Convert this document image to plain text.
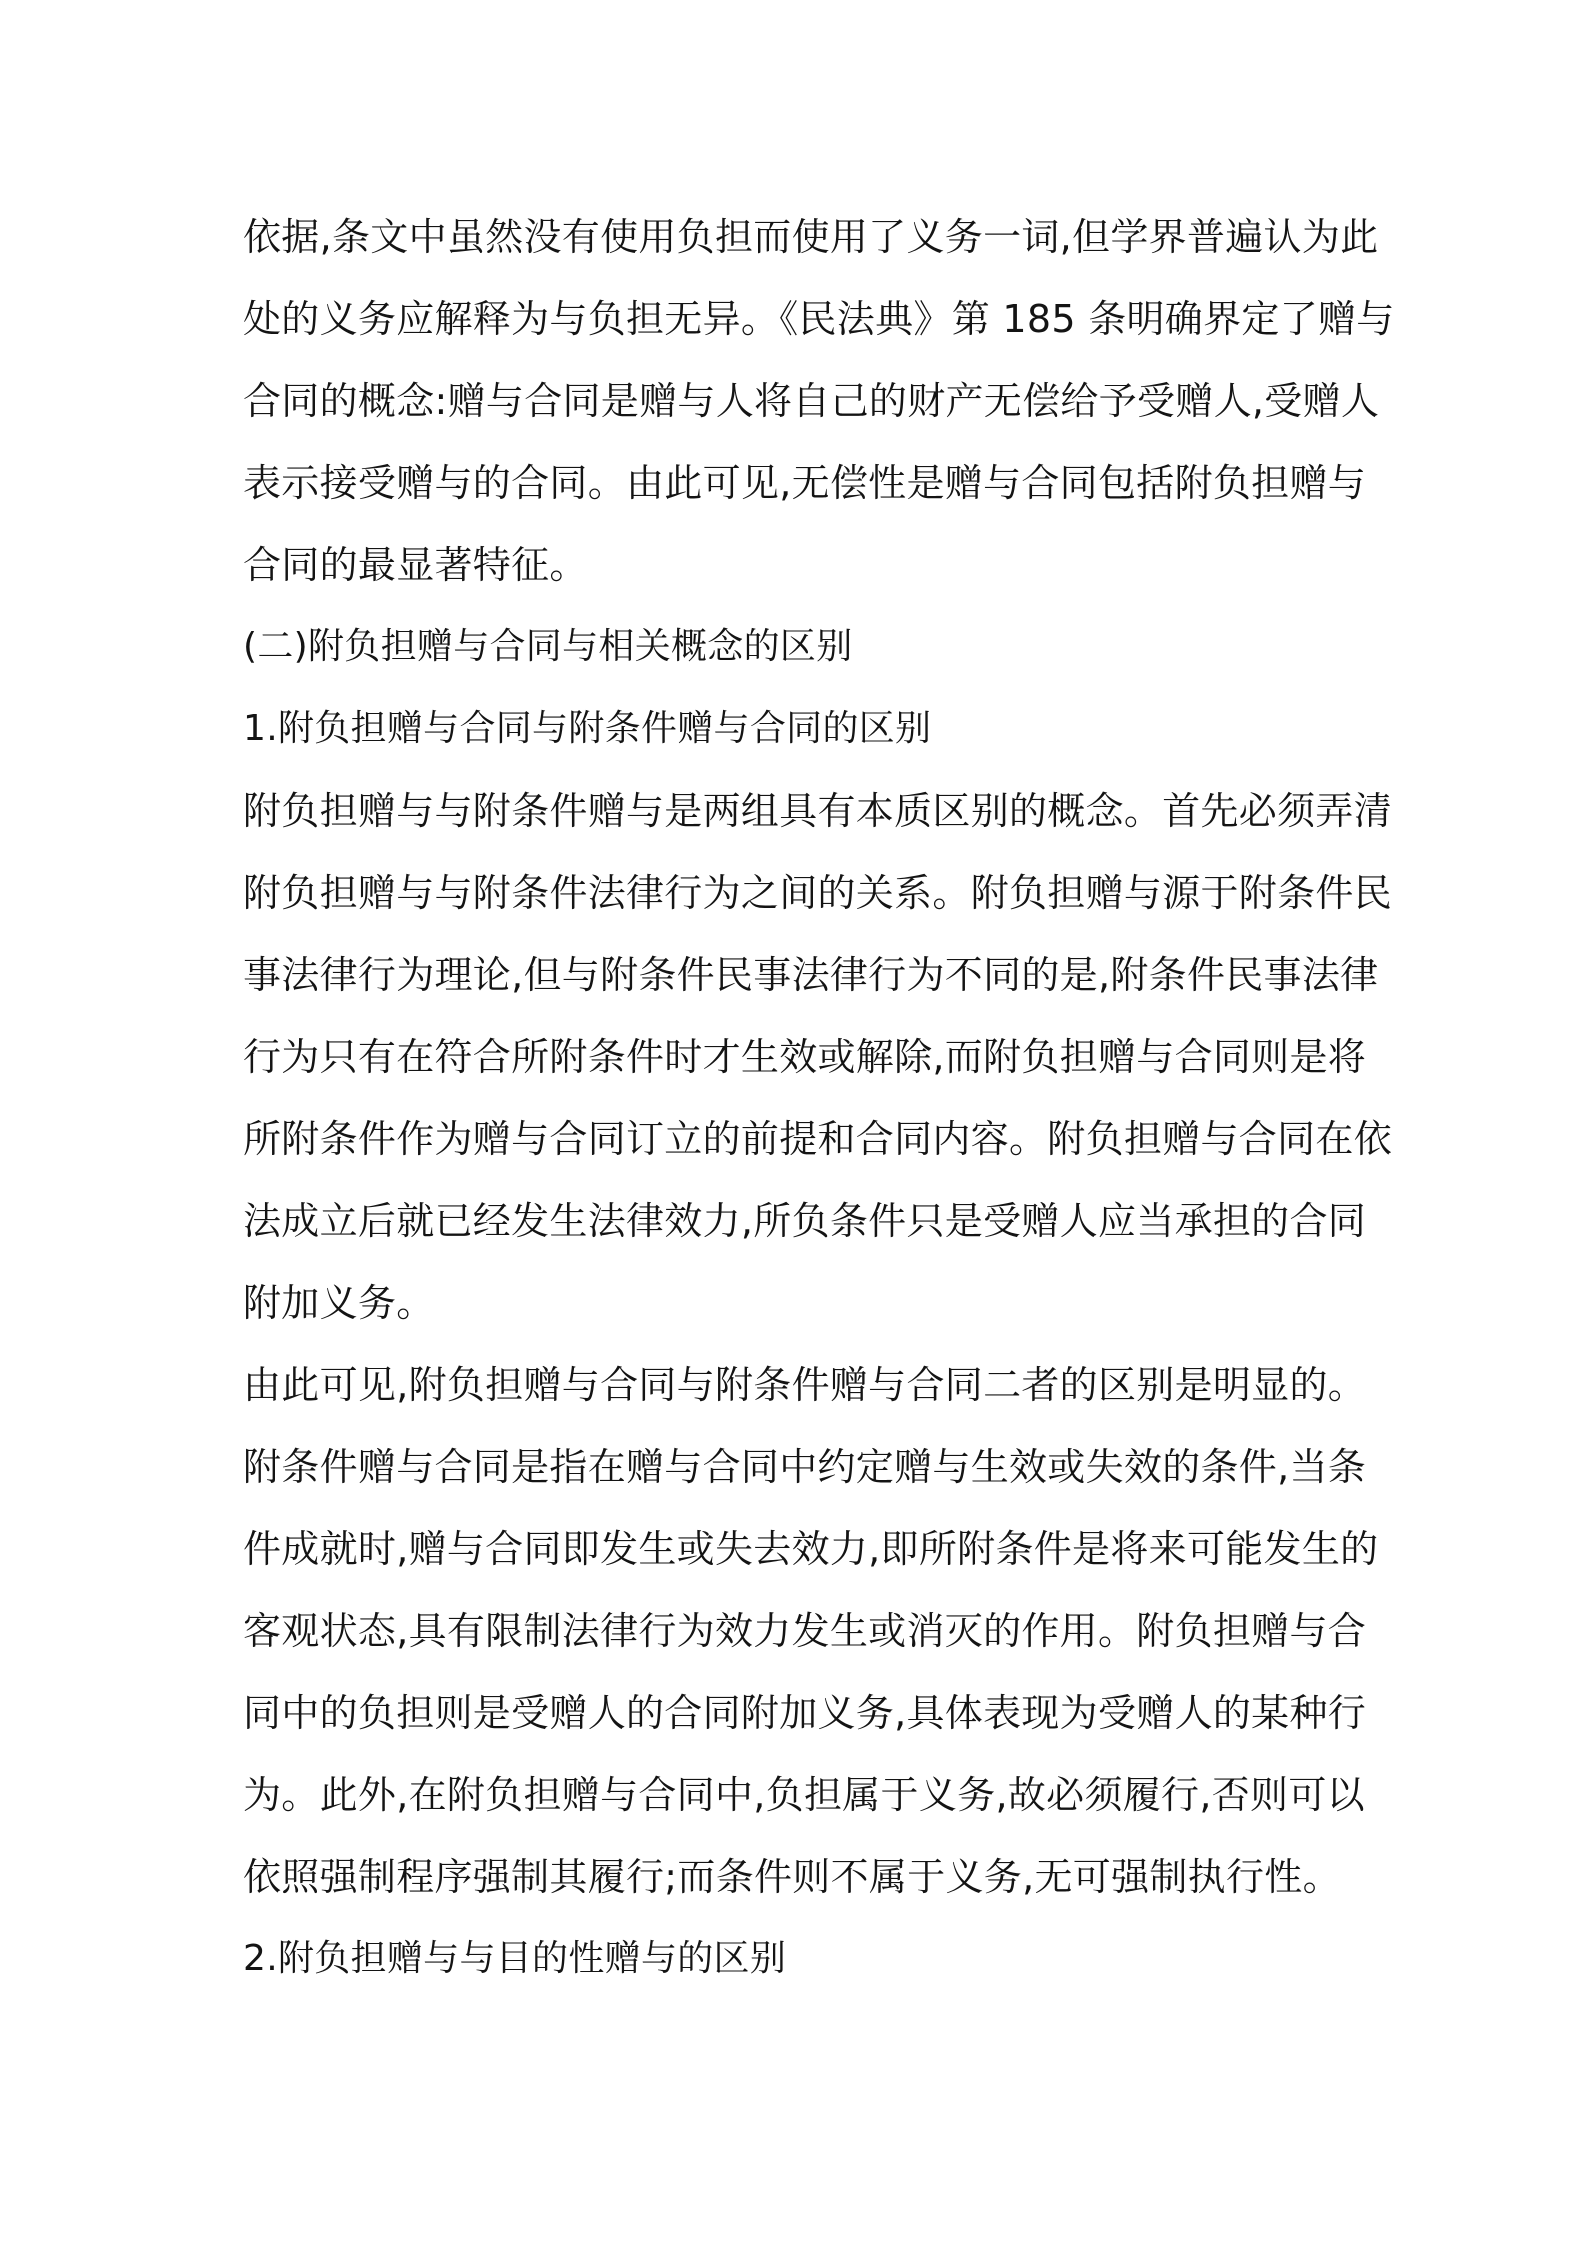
依据,条文中虽然没有使用负担而使用了义务一词,但学界普遍认为此
处的义务应解释为与负担无异。《民法典》第 185 条明确界定了赠与
合同的概念:赠与合同是赠与人将自己的财产无偿给予受赠人,受赠人
表示接受赠与的合同。由此可见,无偿性是赠与合同包括附负担赠与
合同的最显著特征。
(二)附负担赠与合同与相关概念的区别
1.附负担赠与合同与附条件赠与合同的区别
附负担赠与与附条件赠与是两组具有本质区别的概念。首先必须弄清
附负担赠与与附条件法律行为之间的关系。附负担赠与源于附条件民
事法律行为理论,但与附条件民事法律行为不同的是,附条件民事法律
行为只有在符合所附条件时才生效或解除,而附负担赠与合同则是将
所附条件作为赠与合同订立的前提和合同内容。附负担赠与合同在依
法成立后就已经发生法律效力,所负条件只是受赠人应当承担的合同
附加义务。
由此可见,附负担赠与合同与附条件赠与合同二者的区别是明显的。
附条件赠与合同是指在赠与合同中约定赠与生效或失效的条件,当条
件成就时,赠与合同即发生或失去效力,即所附条件是将来可能发生的
客观状态,具有限制法律行为效力发生或消灭的作用。附负担赠与合
同中的负担则是受赠人的合同附加义务,具体表现为受赠人的某种行
为。此外,在附负担赠与合同中,负担属于义务,故必须履行,否则可以
依照强制程序强制其履行;而条件则不属于义务,无可强制执行性。
2.附负担赠与与目的性赠与的区别
